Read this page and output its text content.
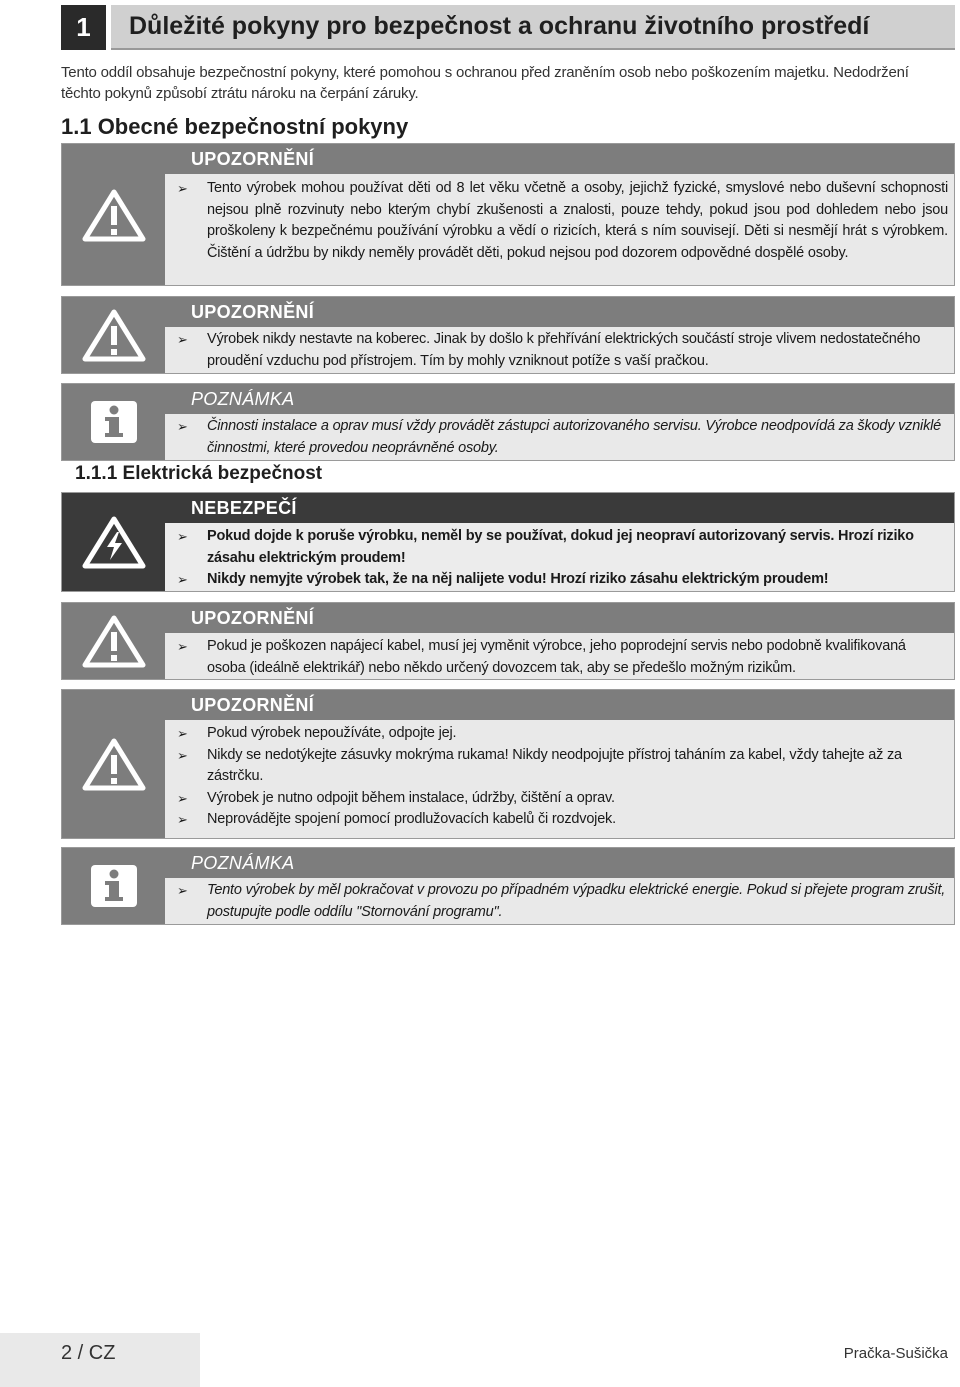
1	Důležité pokyny pro bezpečnost a ochranu životního prostředí
Tento oddíl obsahuje bezpečnostní pokyny, které pomohou s ochranou před zraněním osob nebo poškozením majetku. Nedodržení těchto pokynů způsobí ztrátu nároku na čerpání záruky.
1.1 Obecné bezpečnostní pokyny
UPOZORNĚNÍ
➢ Tento výrobek mohou používat děti od 8 let věku včetně a osoby, jejichž fyzické, smyslové nebo duševní schopnosti nejsou plně rozvinuty nebo kterým chybí zkušenosti a znalosti, pouze tehdy, pokud jsou pod dohledem nebo jsou proškoleny k bezpečnému používání výrobku a vědí o rizicích, která s ním souvisejí. Děti si nesmějí hrát s výrobkem. Čištění a údržbu by nikdy neměly provádět děti, pokud nejsou pod dozorem odpovědné dospělé osoby.
UPOZORNĚNÍ
➢ Výrobek nikdy nestavte na koberec. Jinak by došlo k přehřívání elektrických součástí stroje vlivem nedostatečného proudění vzduchu pod přístrojem. Tím by mohly vzniknout potíže s vaší pračkou.
POZNÁMKA
➢ Činnosti instalace a oprav musí vždy provádět zástupci autorizovaného servisu. Výrobce neodpovídá za škody vzniklé činnostmi, které provedou neoprávněné osoby.
1.1.1 Elektrická bezpečnost
NEBEZPEČÍ
➢ Pokud dojde k poruše výrobku, neměl by se používat, dokud jej neopraví autorizovaný servis. Hrozí riziko zásahu elektrickým proudem!
➢ Nikdy nemyjte výrobek tak, že na něj nalijete vodu! Hrozí riziko zásahu elektrickým proudem!
UPOZORNĚNÍ
➢ Pokud je poškozen napájecí kabel, musí jej vyměnit výrobce, jeho poprodejní servis nebo podobně kvalifikovaná osoba (ideálně elektrikář) nebo někdo určený dovozcem tak, aby se předešlo možným rizikům.
UPOZORNĚNÍ
➢ Pokud výrobek nepoužíváte, odpojte jej.
➢ Nikdy se nedotýkejte zásuvky mokrýma rukama! Nikdy neodpojujte přístroj taháním za kabel, vždy tahejte až za zástrčku.
➢ Výrobek je nutno odpojit během instalace, údržby, čištění a oprav.
➢ Neprovádějte spojení pomocí prodlužovacích kabelů či rozdvojek.
POZNÁMKA
➢ Tento výrobek by měl pokračovat v provozu po případném výpadku elektrické energie. Pokud si přejete program zrušit, postupujte podle oddílu "Stornování programu".
2 / CZ	Pračka-Sušička
